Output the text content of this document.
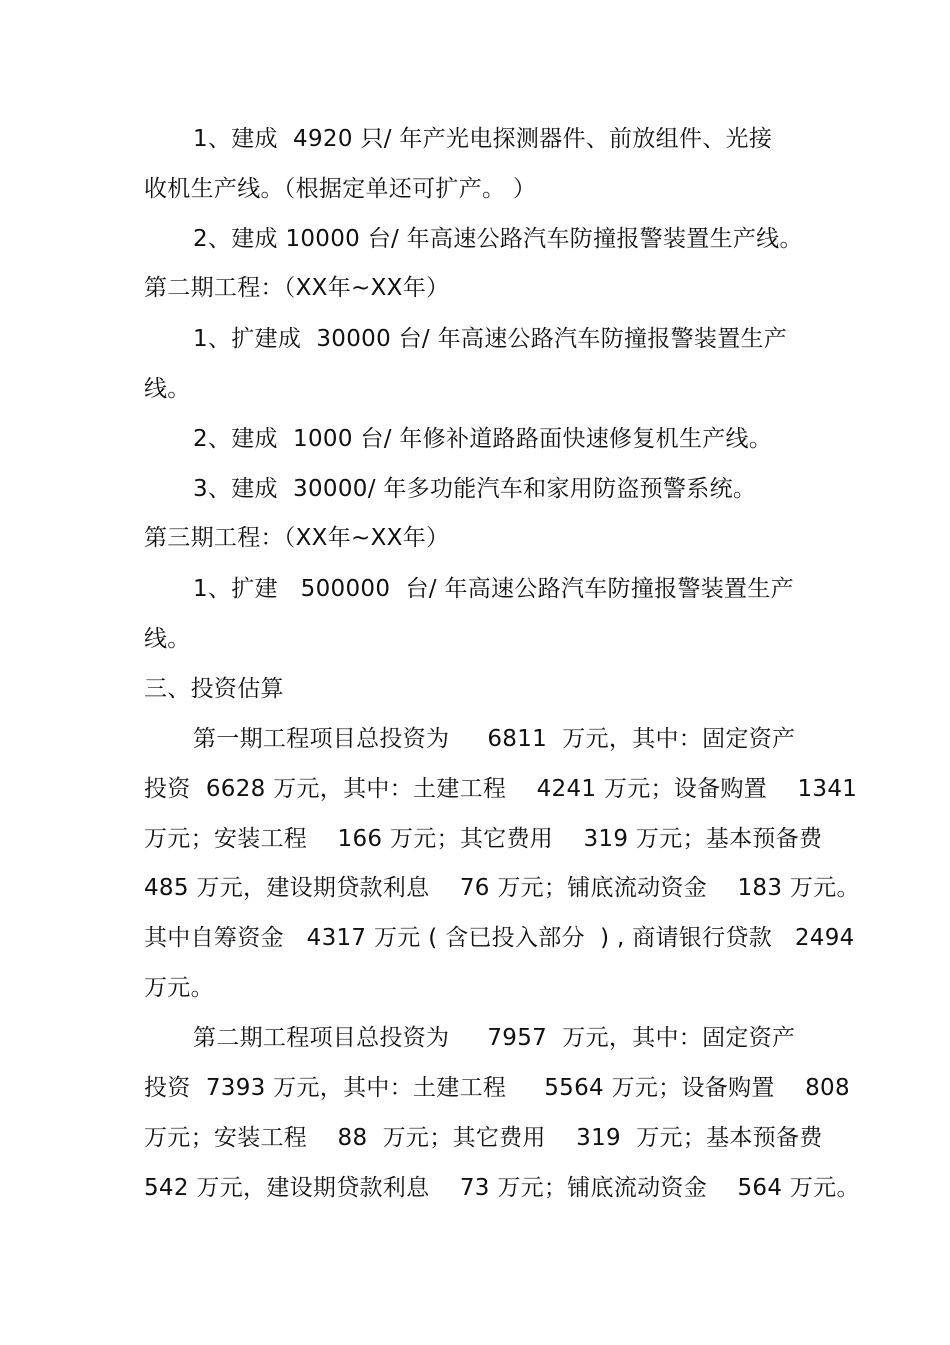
1、建成  4920 只/ 年产光电探测器件、前放组件、光接
收机生产线。（根据定单还可扩产。 ）
2、建成 10000 台/ 年高速公路汽车防撞报警装置生产线。
第二期工程：（XX年~XX年）
1、扩建成  30000 台/ 年高速公路汽车防撞报警装置生产
线。
2、建成  1000 台/ 年修补道路路面快速修复机生产线。
3、建成  30000/ 年多功能汽车和家用防盗预警系统。
第三期工程：（XX年~XX年）
1、扩建   500000  台/ 年高速公路汽车防撞报警装置生产
线。
三、投资估算
第一期工程项目总投资为     6811  万元，其中：固定资产
投资  6628 万元，其中：土建工程    4241 万元；设备购置    1341
万元；安装工程    166 万元；其它费用    319 万元；基本预备费
485 万元，建设期贷款利息    76 万元；铺底流动资金    183 万元。
其中自筹资金   4317 万元 ( 含已投入部分  ) , 商请银行贷款   2494
万元。
第二期工程项目总投资为     7957  万元，其中：固定资产
投资  7393 万元，其中：土建工程     5564 万元；设备购置    808
万元；安装工程    88  万元；其它费用    319  万元；基本预备费
542 万元，建设期贷款利息    73 万元；铺底流动资金    564 万元。
